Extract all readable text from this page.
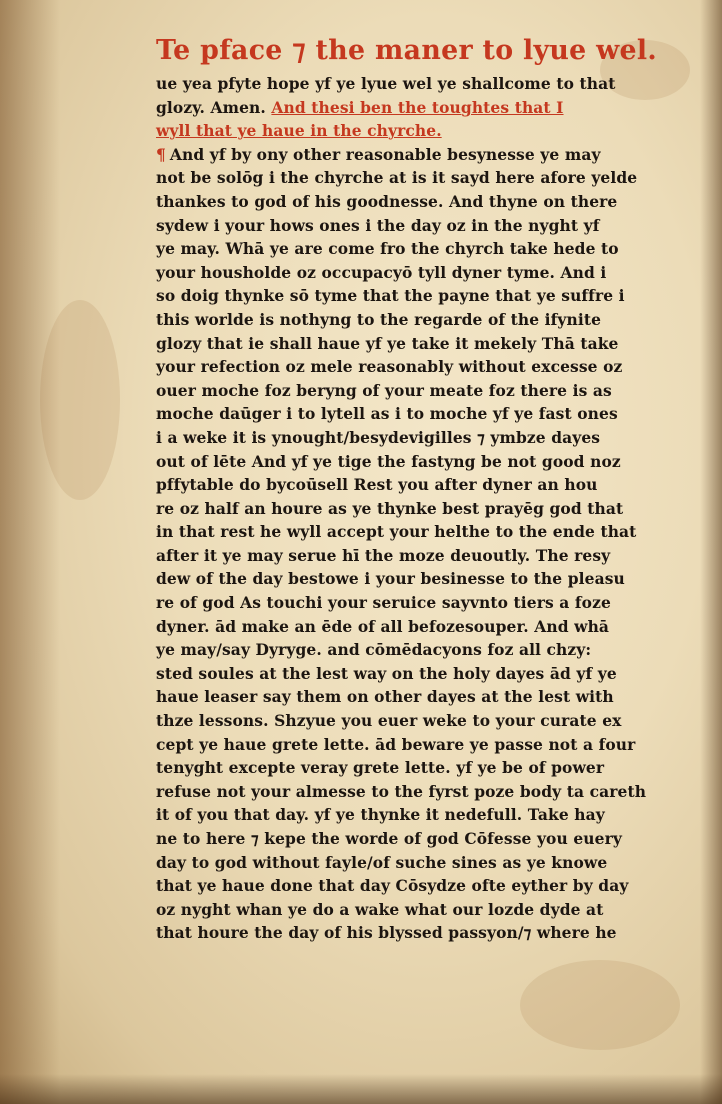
Te pface ⁊ the maner to lyue wel.
ue yea pfyte hope yf ye lyue wel ye shallcome to that
glozy. Amen. And thesi ben the toughtes that I
wyll that ye haue in the chyrche.
¶ And yf by ony other reasonable besynesse ye may
not be solōg i the chyrche at is it sayd here afore yelde
thankes to god of his goodnesse. And thyne on there
sydew i your hows ones i the day oz in the nyght yf
ye may. Whā ye are come fro the chyrch take hede to
your housholde oz occupacyō tyll dyner tyme. And i
so doig thynke sō tyme that the payne that ye suffre i
this worlde is nothyng to the regarde of the ifynite
glozy that ie shall haue yf ye take it mekely Thā take
your refection oz mele reasonably without excesse oz
ouer moche foz beryng of your meate foz there is as
moche daūger i to lytell as i to moche yf ye fast ones
i a weke it is ynought/besydevigilles ⁊ ymbze dayes
out of lēte And yf ye tige the fastyng be not good noz
pffytable do bycoūsell Rest you after dyner an hou
re oz half an houre as ye thynke best prayēg god that
in that rest he wyll accept your helthe to the ende that
after it ye may serue hī the moze deuoutly. The resy
dew of the day bestowe i your besinesse to the pleasu
re of god As touchi your seruice sayvnto tiers a foze
dyner. ād make an ēde of all befozesouper. And whā
ye may/say Dyryge. and cōmēdacyons foz all chzy:
sted soules at the lest way on the holy dayes ād yf ye
haue leaser say them on other dayes at the lest with
thze lessons. Shzyue you euer weke to your curate ex
cept ye haue grete lette. ād beware ye passe not a four
tenyght excepte veray grete lette. yf ye be of power
refuse not your almesse to the fyrst poze body ta careth
it of you that day. yf ye thynke it nedefull. Take hay
ne to here ⁊ kepe the worde of god Cōfesse you euery
day to god without fayle/of suche sines as ye knowe
that ye haue done that day Cōsydze ofte eyther by day
oz nyght whan ye do a wake what our lozde dyde at
that houre the day of his blyssed passyon/⁊ where he
